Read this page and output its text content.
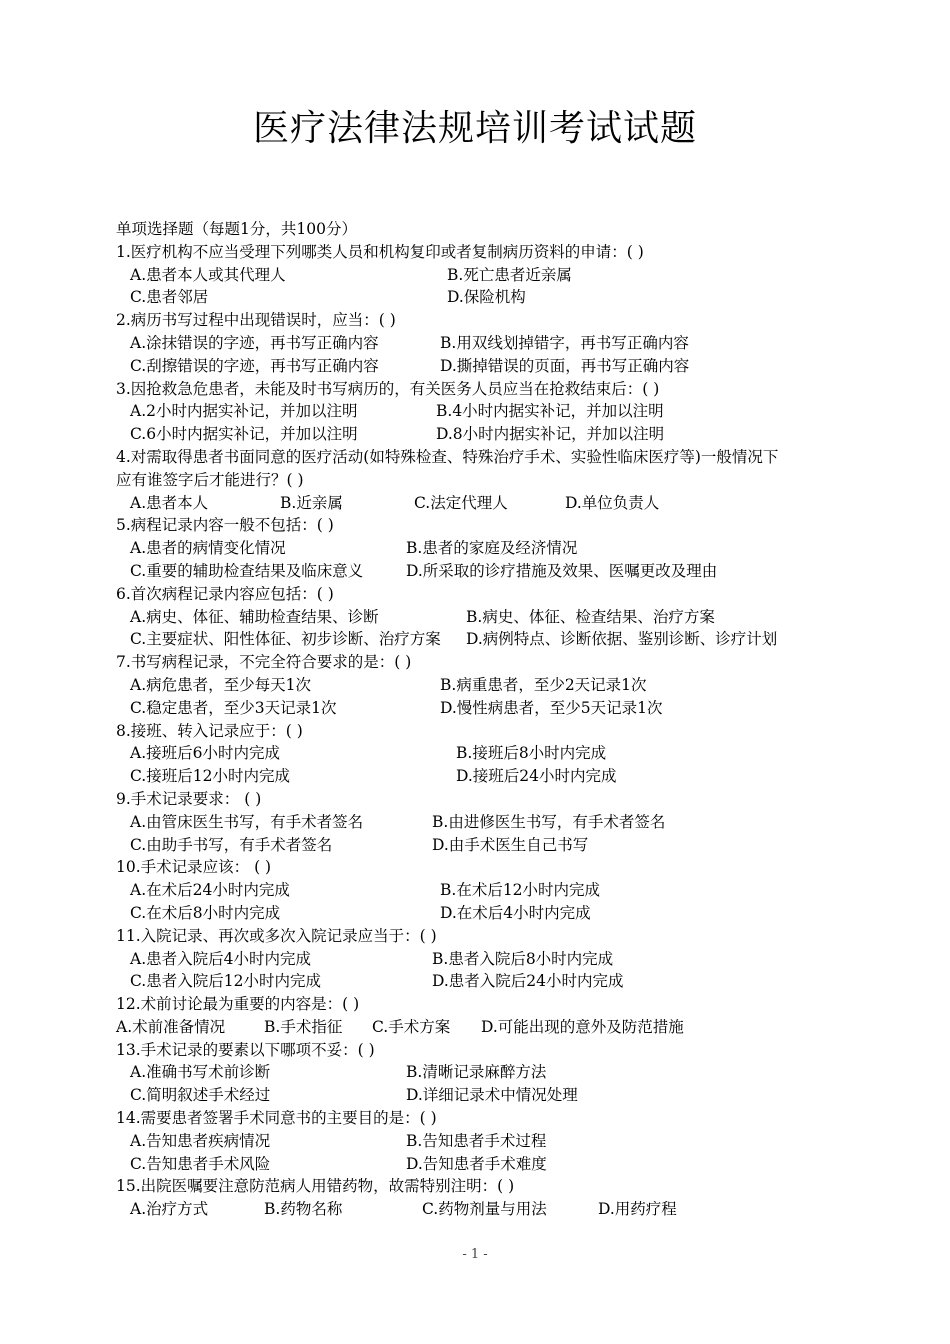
医疗法律法规培训考试试题
单项选择题（每题1分，共100分）
1.医疗机构不应当受理下列哪类人员和机构复印或者复制病历资料的申请：( )
A.患者本人或其代理人	B.死亡患者近亲属
C.患者邻居	D.保险机构
2.病历书写过程中出现错误时，应当：( )
A.涂抹错误的字迹，再书写正确内容	B.用双线划掉错字，再书写正确内容
C.刮擦错误的字迹，再书写正确内容	D.撕掉错误的页面，再书写正确内容
3.因抢救急危患者，未能及时书写病历的，有关医务人员应当在抢救结束后：( )
A.2小时内据实补记，并加以注明	B.4小时内据实补记，并加以注明
C.6小时内据实补记，并加以注明	D.8小时内据实补记，并加以注明
4.对需取得患者书面同意的医疗活动(如特殊检查、特殊治疗手术、实验性临床医疗等)一般情况下
应有谁签字后才能进行？( )
A.患者本人	B.近亲属	C.法定代理人	D.单位负责人
5.病程记录内容一般不包括：( )
A.患者的病情变化情况	B.患者的家庭及经济情况
C.重要的辅助检查结果及临床意义	D.所采取的诊疗措施及效果、医嘱更改及理由
6.首次病程记录内容应包括：( )
A.病史、体征、辅助检查结果、诊断	B.病史、体征、检查结果、治疗方案
C.主要症状、阳性体征、初步诊断、治疗方案 D.病例特点、诊断依据、鉴别诊断、诊疗计划
7.书写病程记录，不完全符合要求的是：( )
A.病危患者，至少每天1次	B.病重患者，至少2天记录1次
C.稳定患者，至少3天记录1次	D.慢性病患者，至少5天记录1次
8.接班、转入记录应于：( )
A.接班后6小时内完成	B.接班后8小时内完成
C.接班后12小时内完成	D.接班后24小时内完成
9.手术记录要求： ( )
A.由管床医生书写，有手术者签名	B.由进修医生书写，有手术者签名
C.由助手书写，有手术者签名	D.由手术医生自己书写
10.手术记录应该： ( )
A.在术后24小时内完成	B.在术后12小时内完成
C.在术后8小时内完成	D.在术后4小时内完成
11.入院记录、再次或多次入院记录应当于：( )
A.患者入院后4小时内完成	B.患者入院后8小时内完成
C.患者入院后12小时内完成	D.患者入院后24小时内完成
12.术前讨论最为重要的内容是：( )
A.术前准备情况	B.手术指征 C.手术方案 D.可能出现的意外及防范措施
13.手术记录的要素以下哪项不妥：( )
A.准确书写术前诊断	B.清晰记录麻醉方法
C.简明叙述手术经过	D.详细记录术中情况处理
14.需要患者签署手术同意书的主要目的是：( )
A.告知患者疾病情况	B.告知患者手术过程
C.告知患者手术风险	D.告知患者手术难度
15.出院医嘱要注意防范病人用错药物，故需特别注明：( )
A.治疗方式	B.药物名称	C.药物剂量与用法	D.用药疗程
- 1 -
